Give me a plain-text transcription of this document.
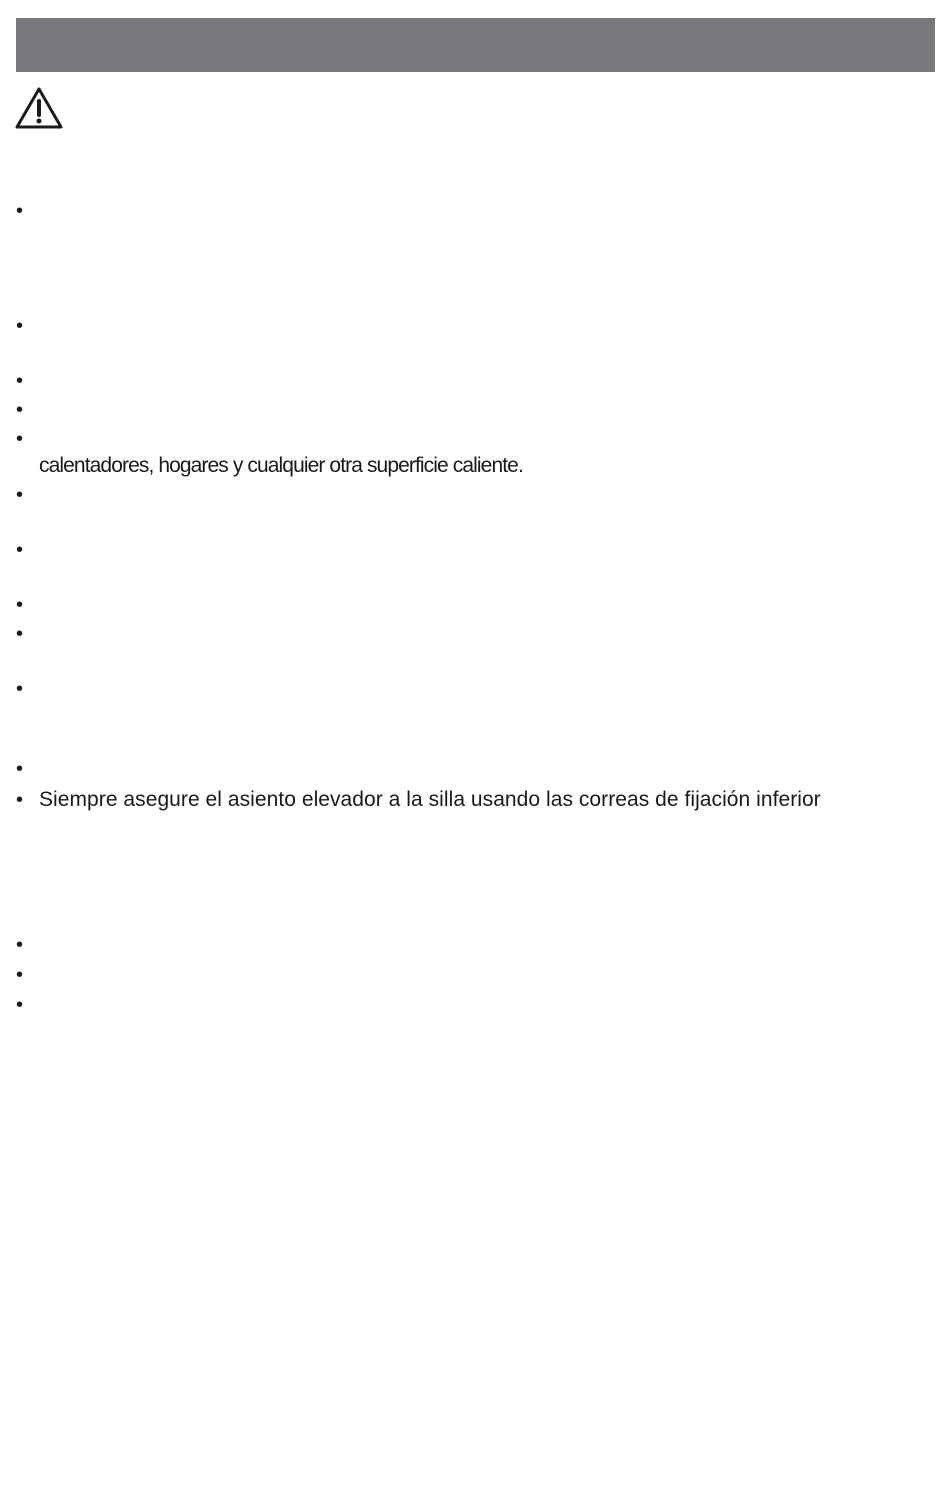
•
•
•
•
•
•
•
•
•
•
•
•
•
•
•
calentadores, hogares y cualquier otra superficie caliente.
Siempre asegure el asiento elevador a la silla usando las correas de fijación inferior
